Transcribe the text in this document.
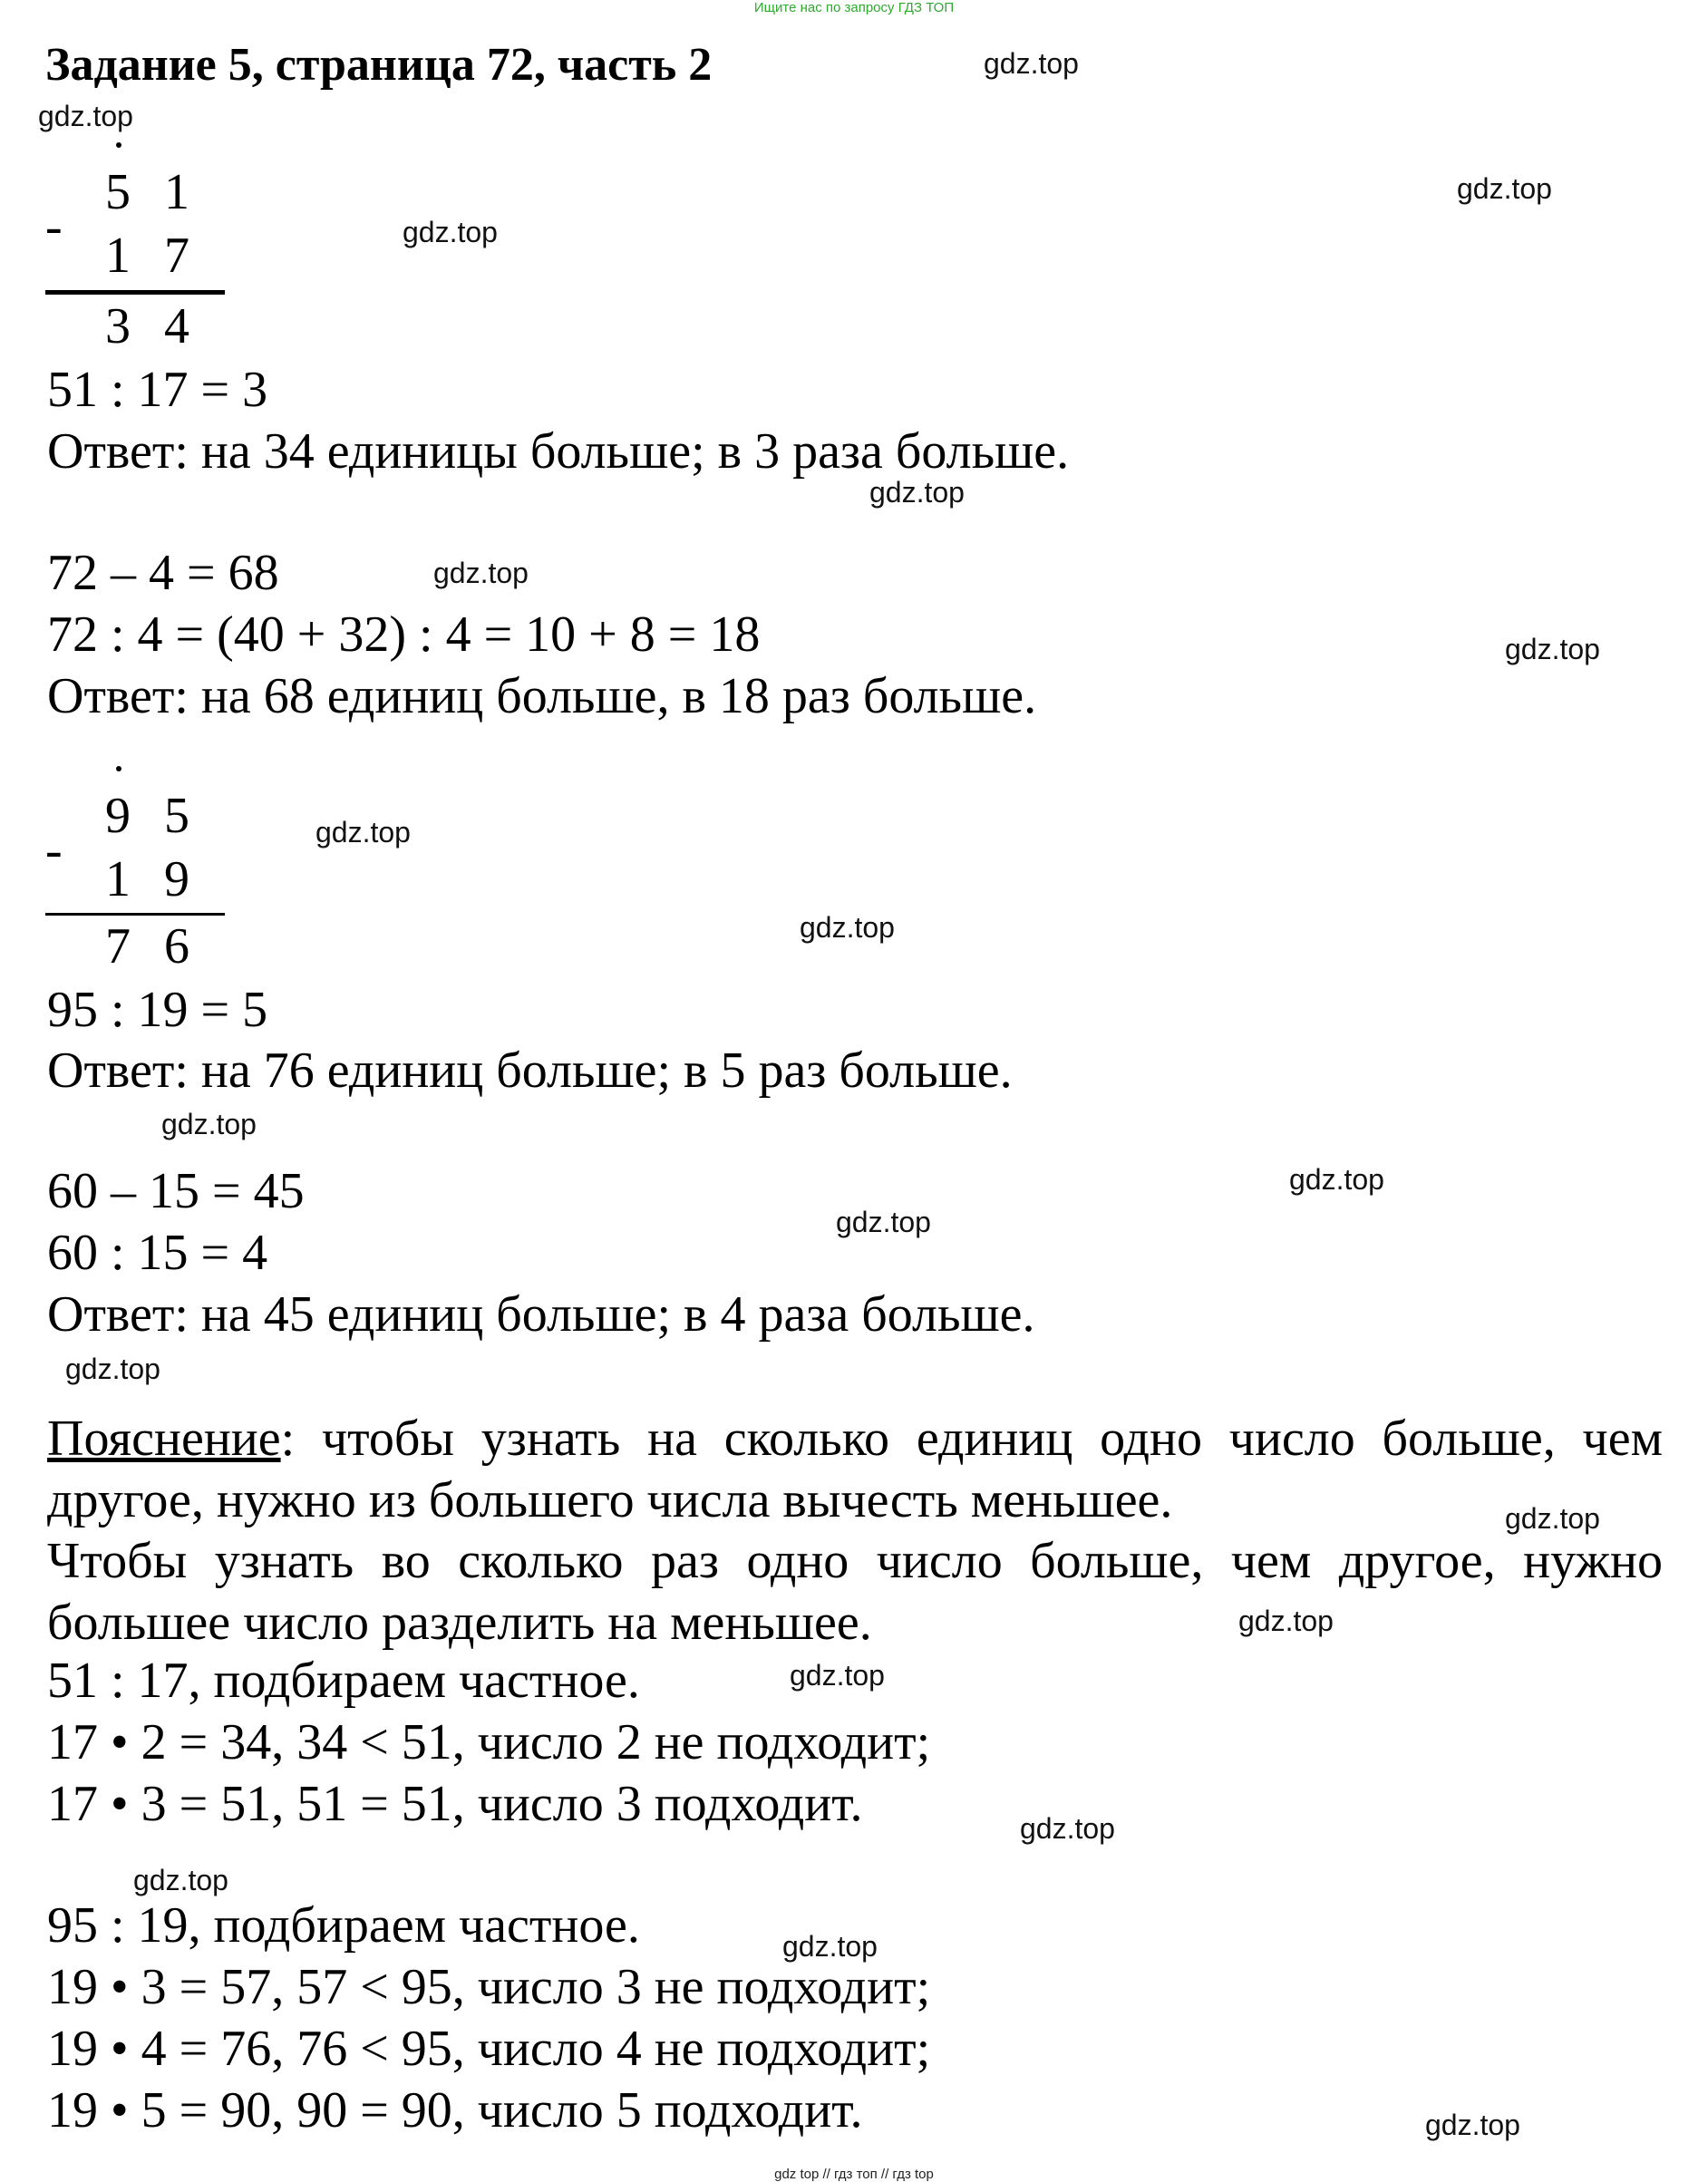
Ищите нас по запросу ГДЗ ТОП
Задание 5, страница 72, часть 2	gdz.top
gdz.top
gdz.top
gdz.top
gdz.top
gdz.top
gdz.top
gdz.top
gdz.top
gdz.top
gdz.top
gdz.top
gdz.top
gdz.top
gdz.top
gdz.top
gdz.top
gdz.top
gdz.top
gdz.top
5 1
-
1 7
3 4
51 : 17 = 3
Ответ: на 34 единицы больше; в 3 раза больше.
72 – 4 = 68
72 : 4 = (40 + 32) : 4 = 10 + 8 = 18
Ответ: на 68 единиц больше, в 18 раз больше.
9 5
-
1 9
7 6
95 : 19 = 5
Ответ: на 76 единиц больше; в 5 раз больше.
60 – 15 = 45
60 : 15 = 4
Ответ: на 45 единиц больше; в 4 раза больше.
Пояснение: чтобы узнать на сколько единиц одно число больше, чем другое, нужно из большего числа вычесть меньшее.
Чтобы узнать во сколько раз одно число больше, чем другое, нужно большее число разделить на меньшее.
51 : 17, подбираем частное.
17 • 2 = 34, 34 < 51, число 2 не подходит;
17 • 3 = 51, 51 = 51, число 3 подходит.
95 : 19, подбираем частное.
19 • 3 = 57, 57 < 95, число 3 не подходит;
19 • 4 = 76, 76 < 95, число 4 не подходит;
19 • 5 = 90, 90 = 90, число 5 подходит.
gdz top // гдз топ // гдз top
